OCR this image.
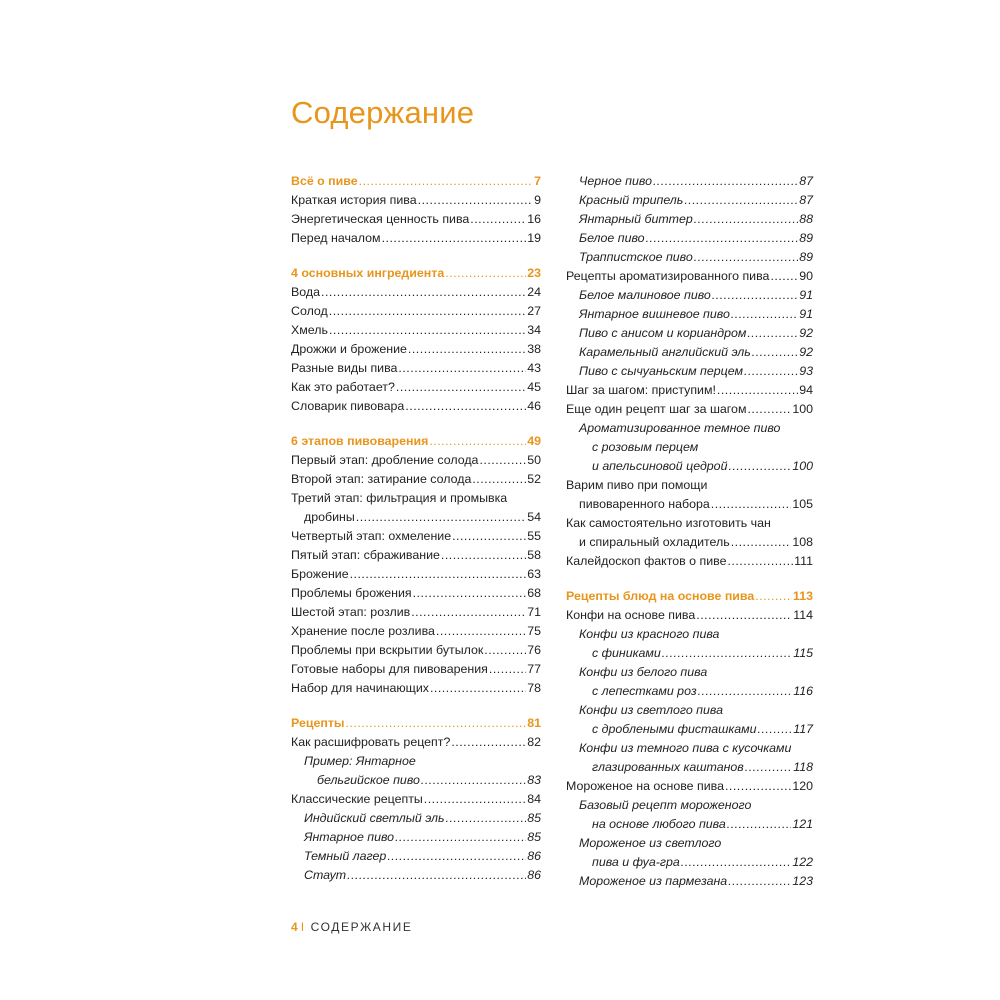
Содержание
Всё о пиве .....	7
Краткая история пива .....	9
Энергетическая ценность пива .....	16
Перед началом .....	19
4 основных ингредиента .....	23
Вода .....	24
Солод .....	27
Хмель .....	34
Дрожжи и брожение .....	38
Разные виды пива .....	43
Как это работает? .....	45
Словарик пивовара .....	46
6 этапов пивоварения .....	49
Первый этап: дробление солода .....	50
Второй этап: затирание солода .....	52
Третий этап: фильтрация и промывка
дробины .....	54
Четвертый этап: охмеление .....	55
Пятый этап: сбраживание .....	58
Брожение .....	63
Проблемы брожения .....	68
Шестой этап: розлив .....	71
Хранение после розлива .....	75
Проблемы при вскрытии бутылок .....	76
Готовые наборы для пивоварения .....	77
Набор для начинающих .....	78
Рецепты .....	81
Как расшифровать рецепт? .....	82
Пример: Янтарное
бельгийское пиво .....	83
Классические рецепты .....	84
Индийский светлый эль .....	85
Янтарное пиво .....	85
Темный лагер .....	86
Стаут .....	86
Черное пиво .....	87
Красный трипель .....	87
Янтарный биттер .....	88
Белое пиво .....	89
Траппистское пиво .....	89
Рецепты ароматизированного пива ..... 90
Белое малиновое пиво .....	91
Янтарное вишневое пиво .....	91
Пиво с анисом и кориандром .....	92
Карамельный английский эль .....	92
Пиво с сычуаньским перцем .....	93
Шаг за шагом: приступим! .....	94
Еще один рецепт шаг за шагом .....	100
Ароматизированное темное пиво
с розовым перцем
и апельсиновой цедрой .....	100
Варим пиво при помощи
пивоваренного набора .....	105
Как самостоятельно изготовить чан
и спиральный охладитель .....	108
Калейдоскоп фактов о пиве .....	111
Рецепты блюд на основе пива .....	113
Конфи на основе пива .....	114
Конфи из красного пива
с финиками .....	115
Конфи из белого пива
с лепестками роз .....	116
Конфи из светлого пива
с дроблеными фисташками .....	117
Конфи из темного пива с кусочками
глазированных каштанов .....	118
Мороженое на основе пива .....	120
Базовый рецепт мороженого
на основе любого пива .....	121
Мороженое из светлого
пива и фуа-гра .....	122
Мороженое из пармезана .....	123
4 I СОДЕРЖАНИЕ
